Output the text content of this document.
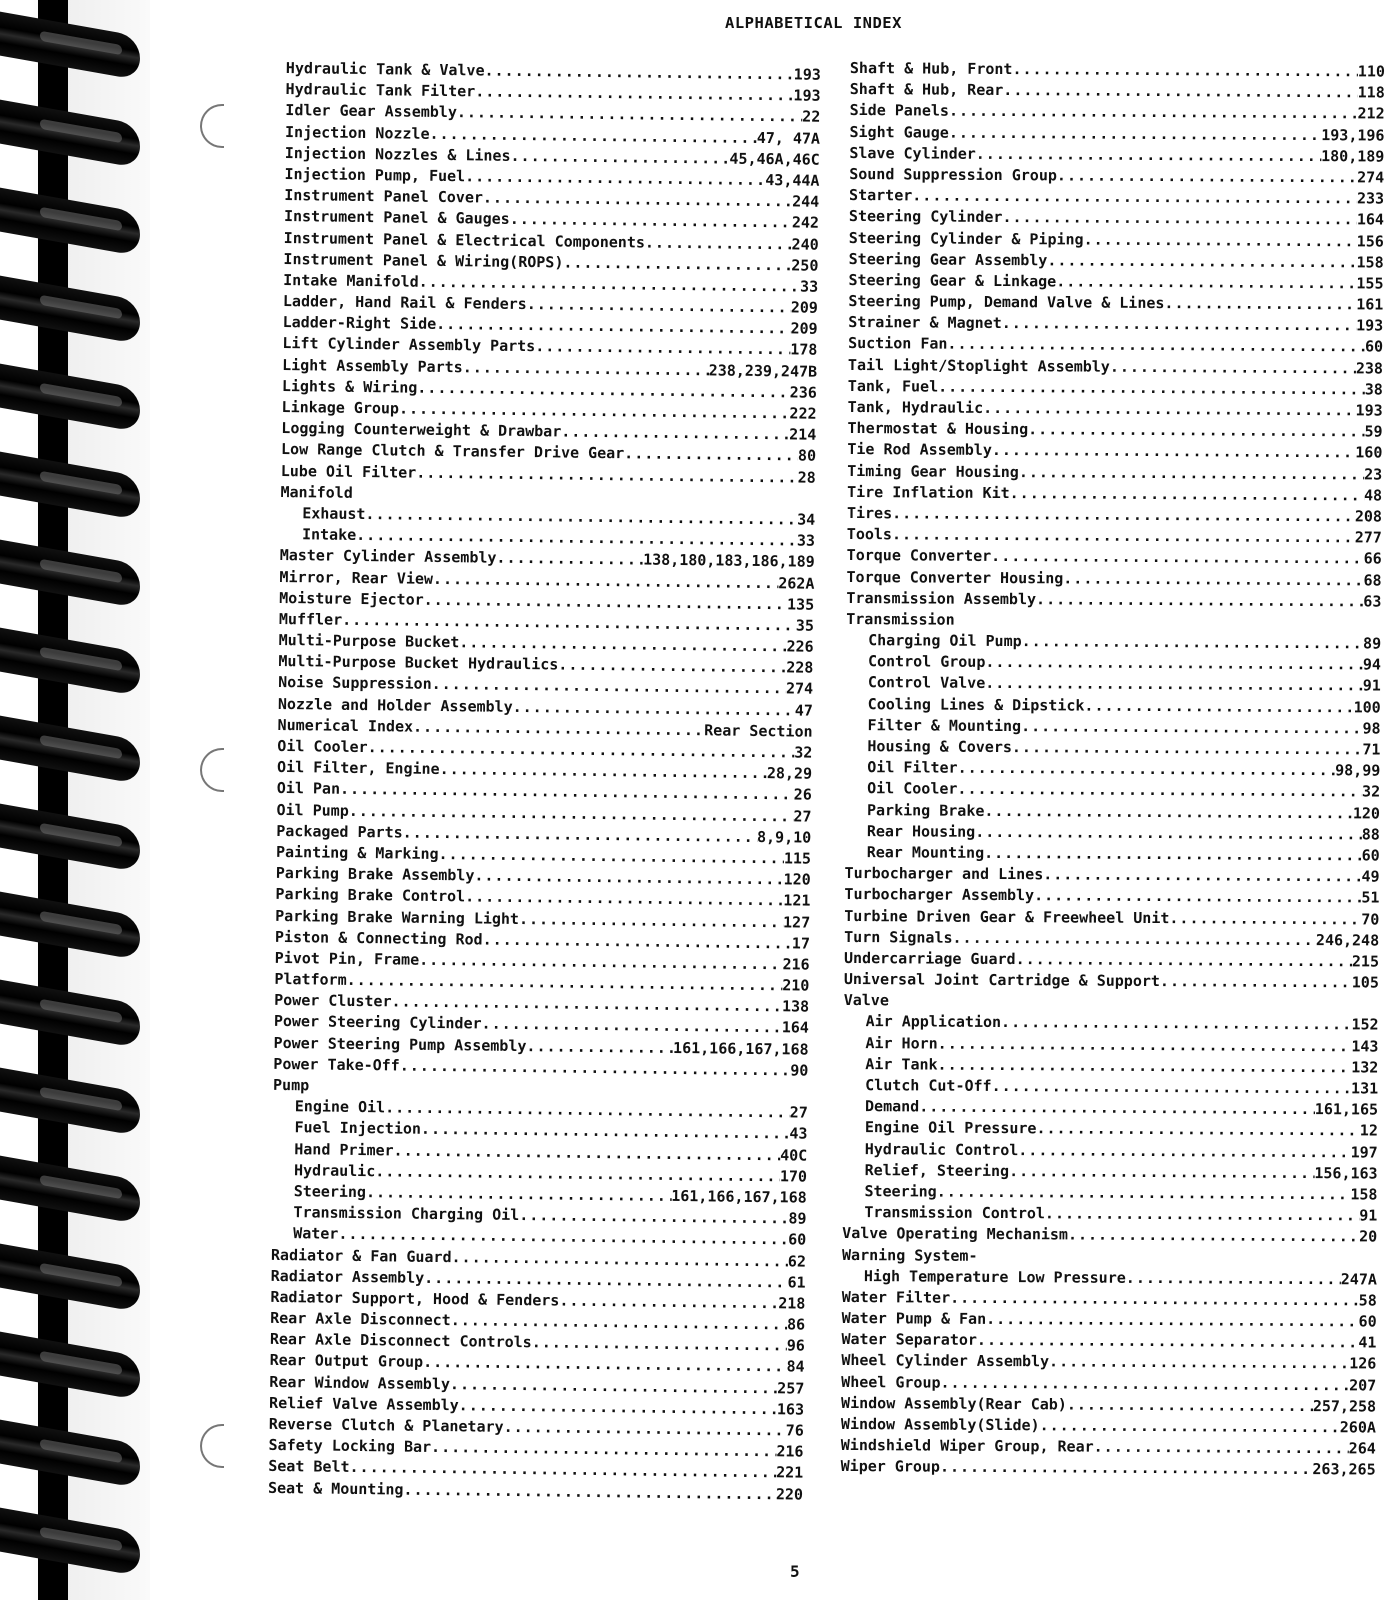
ALPHABETICAL INDEX
Hydraulic Tank & Valve .....	193
Hydraulic Tank Filter .....	193
Idler Gear Assembly .....	22
Injection Nozzle .....	47, 47A
Injection Nozzles & Lines .....	45,46A,46C
Injection Pump, Fuel .....	43,44A
Instrument Panel Cover .....	244
Instrument Panel & Gauges .....	242
Instrument Panel & Electrical Components .....	240
Instrument Panel & Wiring(ROPS) .....	250
Intake Manifold .....	33
Ladder, Hand Rail & Fenders .....	209
Ladder-Right Side .....	209
Lift Cylinder Assembly Parts .....	178
Light Assembly Parts .....	238,239,247B
Lights & Wiring .....	236
Linkage Group .....	222
Logging Counterweight & Drawbar .....	214
Low Range Clutch & Transfer Drive Gear .....	80
Lube Oil Filter .....	28
Manifold
Exhaust .....	34
Intake .....	33
Master Cylinder Assembly .....	138,180,183,186,189
Mirror, Rear View .....	262A
Moisture Ejector .....	135
Muffler .....	35
Multi-Purpose Bucket .....	226
Multi-Purpose Bucket Hydraulics .....	228
Noise Suppression .....	274
Nozzle and Holder Assembly .....	47
Numerical Index .....	Rear Section
Oil Cooler .....	32
Oil Filter, Engine .....	28,29
Oil Pan .....	26
Oil Pump .....	27
Packaged Parts .....	8,9,10
Painting & Marking .....	115
Parking Brake Assembly .....	120
Parking Brake Control .....	121
Parking Brake Warning Light .....	127
Piston & Connecting Rod .....	17
Pivot Pin, Frame .....	216
Platform .....	210
Power Cluster .....	138
Power Steering Cylinder .....	164
Power Steering Pump Assembly .....	161,166,167,168
Power Take-Off .....	90
Pump
Engine Oil .....	27
Fuel Injection .....	43
Hand Primer .....	40C
Hydraulic .....	170
Steering .....	161,166,167,168
Transmission Charging Oil .....	89
Water .....	60
Radiator & Fan Guard .....	62
Radiator Assembly .....	61
Radiator Support, Hood & Fenders .....	218
Rear Axle Disconnect .....	86
Rear Axle Disconnect Controls .....	96
Rear Output Group .....	84
Rear Window Assembly .....	257
Relief Valve Assembly .....	163
Reverse Clutch & Planetary .....	76
Safety Locking Bar .....	216
Seat Belt .....	221
Seat & Mounting .....	220
Shaft & Hub, Front .....	110
Shaft & Hub, Rear .....	118
Side Panels .....	212
Sight Gauge .....	193,196
Slave Cylinder .....	180,189
Sound Suppression Group .....	274
Starter .....	233
Steering Cylinder .....	164
Steering Cylinder & Piping .....	156
Steering Gear Assembly .....	158
Steering Gear & Linkage .....	155
Steering Pump, Demand Valve & Lines .....	161
Strainer & Magnet .....	193
Suction Fan .....	60
Tail Light/Stoplight Assembly .....	238
Tank, Fuel .....	38
Tank, Hydraulic .....	193
Thermostat & Housing .....	59
Tie Rod Assembly .....	160
Timing Gear Housing .....	23
Tire Inflation Kit .....	48
Tires .....	208
Tools .....	277
Torque Converter .....	66
Torque Converter Housing .....	68
Transmission Assembly .....	63
Transmission
Charging Oil Pump .....	89
Control Group .....	94
Control Valve .....	91
Cooling Lines & Dipstick .....	100
Filter & Mounting .....	98
Housing & Covers .....	71
Oil Filter .....	98,99
Oil Cooler .....	32
Parking Brake .....	120
Rear Housing .....	88
Rear Mounting .....	60
Turbocharger and Lines .....	49
Turbocharger Assembly .....	51
Turbine Driven Gear & Freewheel Unit .....	70
Turn Signals .....	246,248
Undercarriage Guard .....	215
Universal Joint Cartridge & Support .....	105
Valve
Air Application .....	152
Air Horn .....	143
Air Tank .....	132
Clutch Cut-Off .....	131
Demand .....	161,165
Engine Oil Pressure .....	12
Hydraulic Control .....	197
Relief, Steering .....	156,163
Steering .....	158
Transmission Control .....	91
Valve Operating Mechanism .....	20
Warning System-
High Temperature Low Pressure .....	247A
Water Filter .....	58
Water Pump & Fan .....	60
Water Separator .....	41
Wheel Cylinder Assembly .....	126
Wheel Group .....	207
Window Assembly(Rear Cab) .....	257,258
Window Assembly(Slide) .....	260A
Windshield Wiper Group, Rear .....	264
Wiper Group .....	263,265
5
